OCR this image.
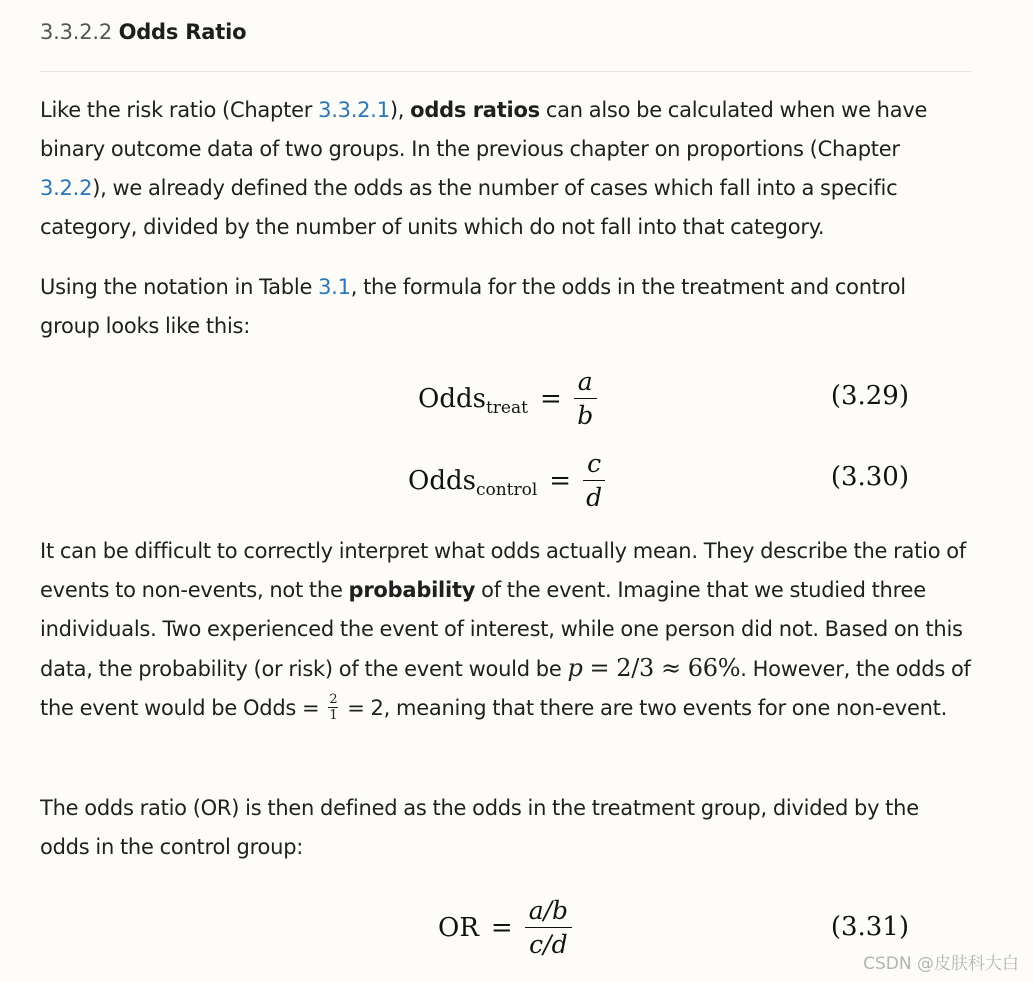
3.3.2.2 Odds Ratio

Like the risk ratio (Chapter 3.3.2.1), odds ratios can also be calculated when we have binary outcome data of two groups. In the previous chapter on proportions (Chapter 3.2.2), we already defined the odds as the number of cases which fall into a specific category, divided by the number of units which do not fall into that category.

Using the notation in Table 3.1, the formula for the odds in the treatment and control group looks like this:

Odds$_{treat}$ = $\frac{a}{b}$	(3.29)
Odds$_{control}$ = $\frac{c}{d}$	(3.30)

It can be difficult to correctly interpret what odds actually mean. They describe the ratio of events to non-events, not the probability of the event. Imagine that we studied three individuals. Two experienced the event of interest, while one person did not. Based on this data, the probability (or risk) of the event would be p = 2/3 ≈ 66%. However, the odds of the event would be Odds = $\frac{2}{1} = 2$, meaning that there are two events for one non-event.

The odds ratio (OR) is then defined as the odds in the treatment group, divided by the odds in the control group:

OR = $\frac{a/b}{c/d}$	(3.31)
CSDN @皮肤科大白
